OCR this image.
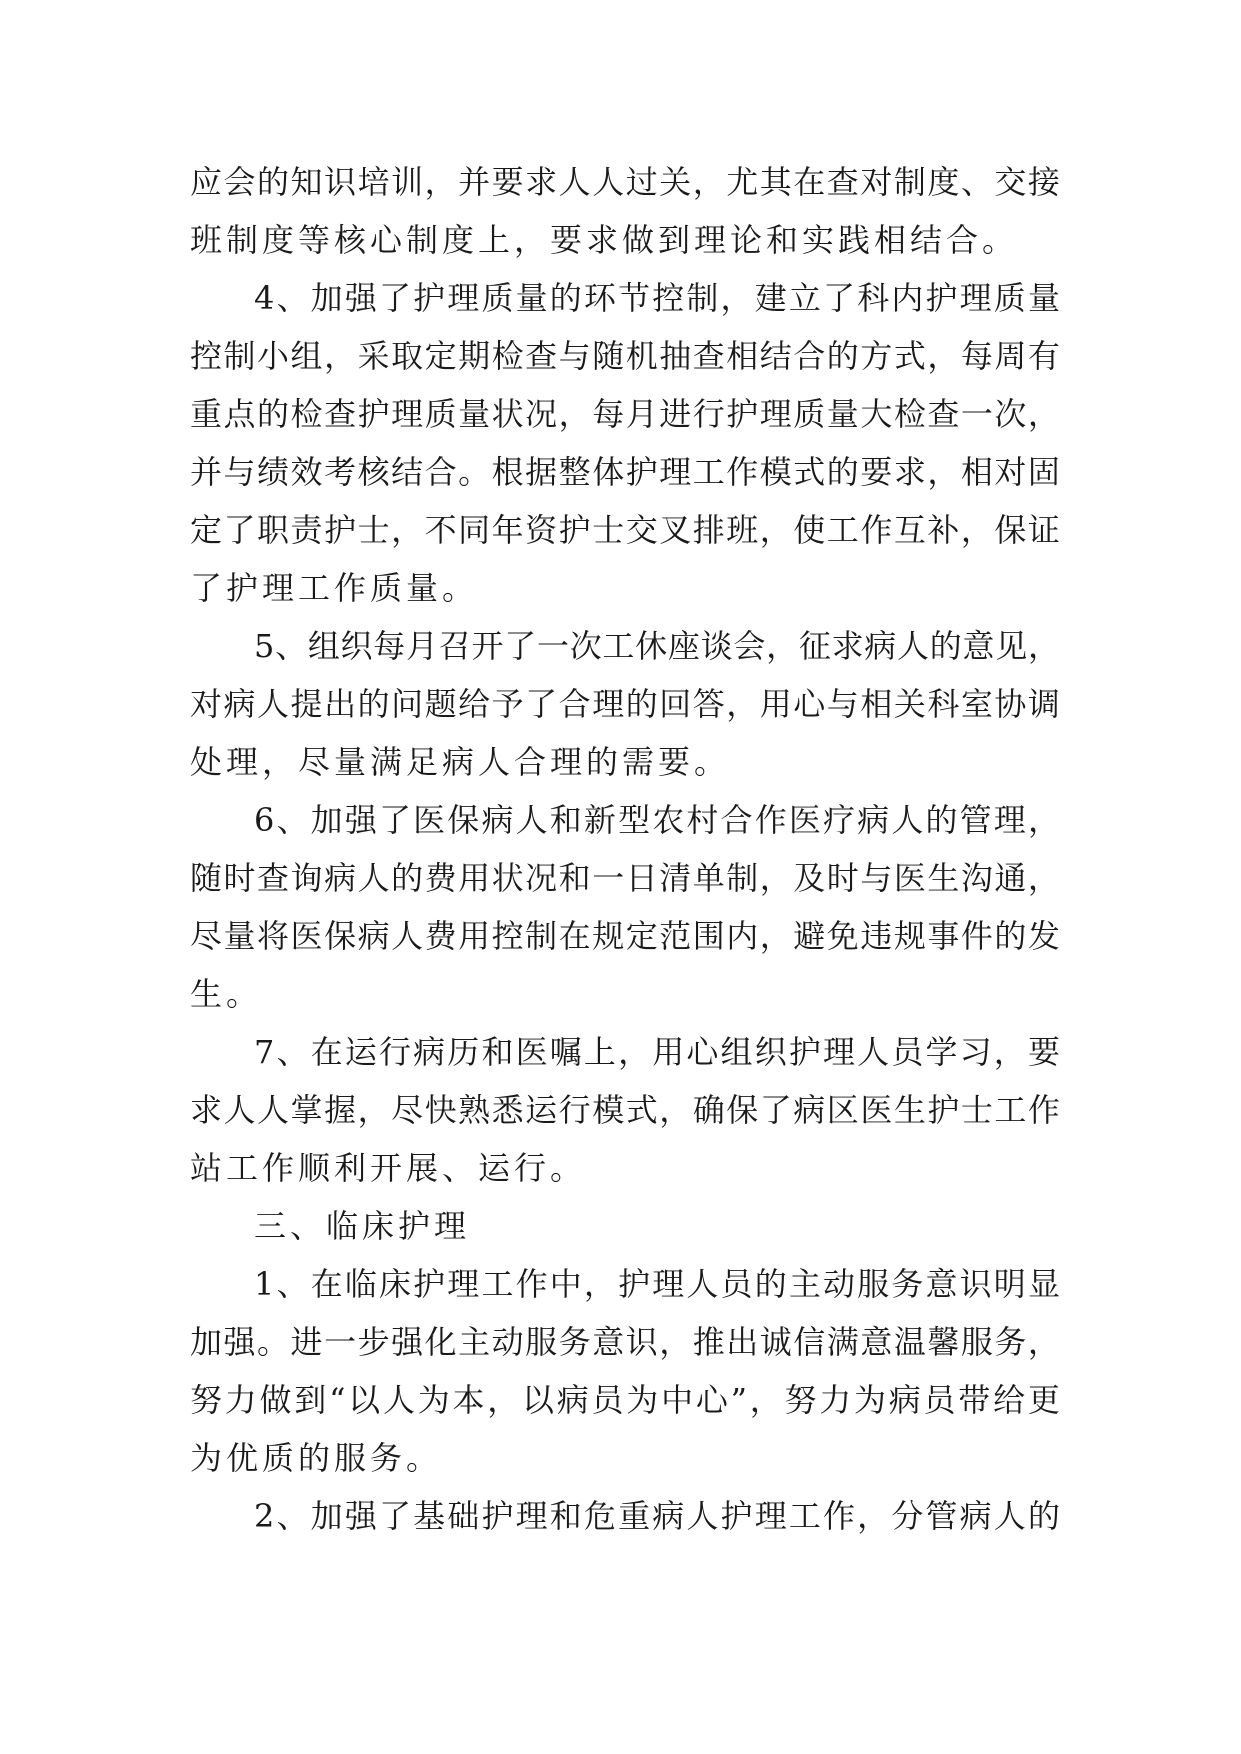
应 会 的 知 识 培 训 ， 并 要 求 人 人 过 关 ， 尤 其 在 查 对 制 度 、 交 接
班制度等核心制度上，要求做到理论和实践相结合。
4 、 加 强 了 护 理 质 量 的 环 节 控 制 ， 建 立 了 科 内 护 理 质 量
控 制 小 组 ， 采 取 定 期 检 查 与 随 机 抽 查 相 结 合 的 方 式 ， 每 周 有
重 点 的 检 查 护 理 质 量 状 况 ， 每 月 进 行 护 理 质 量 大 检 查 一 次 ，
并 与 绩 效 考 核 结 合 。 根 据 整 体 护 理 工 作 模 式 的 要 求 ， 相 对 固
定 了 职 责 护 士 ， 不 同 年 资 护 士 交 叉 排 班 ， 使 工 作 互 补 ， 保 证
了护理工作质量。
5 、 组 织 每 月 召 开 了 一 次 工 休 座 谈 会 ， 征 求 病 人 的 意 见 ，
对 病 人 提 出 的 问 题 给 予 了 合 理 的 回 答 ， 用 心 与 相 关 科 室 协 调
处理，尽量满足病人合理的需要。
6 、 加 强 了 医 保 病 人 和 新 型 农 村 合 作 医 疗 病 人 的 管 理 ，
随 时 查 询 病 人 的 费 用 状 况 和 一 日 清 单 制 ， 及 时 与 医 生 沟 通 ，
尽 量 将 医 保 病 人 费 用 控 制 在 规 定 范 围 内 ， 避 免 违 规 事 件 的 发
生。
7 、 在 运 行 病 历 和 医 嘱 上 ， 用 心 组 织 护 理 人 员 学 习 ， 要
求 人 人 掌 握 ， 尽 快 熟 悉 运 行 模 式 ， 确 保 了 病 区 医 生 护 士 工 作
站工作顺利开展、运行。
三、临床护理
1 、 在 临 床 护 理 工 作 中 ， 护 理 人 员 的 主 动 服 务 意 识 明 显
加 强 。 进 一 步 强 化 主 动 服 务 意 识 ， 推 出 诚 信 满 意 温 馨 服 务 ，
努 力 做 到 “ 以 人 为 本 ， 以 病 员 为 中 心 ” ， 努 力 为 病 员 带 给 更
为优质的服务。
2 、 加 强 了 基 础 护 理 和 危 重 病 人 护 理 工 作 ， 分 管 病 人 的
